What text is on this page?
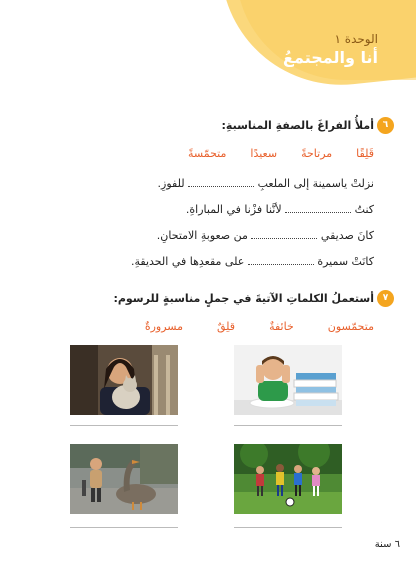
الوحدة ١
أنا والمجتمعُ
٦
أملأُ الفراغَ بالصفةِ المناسبةِ:
قَلِقًا
مرتاحةً
سعيدًا
متحمّسةً
نزلتْ ياسمينة إلى الملعبِ  للفوزِ.
كنتُ  لأنَّنا فزْنا في المباراةِ.
كانَ صديقي  من صعوبةِ الامتحانِ.
كانَتْ سميرة  على مقعدِها في الحديقةِ.
٧
أستعملُ الكلماتِ الآتيةَ في جملٍ مناسبةٍ للرسوم:
متحمّسون
خائفةٌ
قلِقٌ
مسرورةٌ
٦ سنة
